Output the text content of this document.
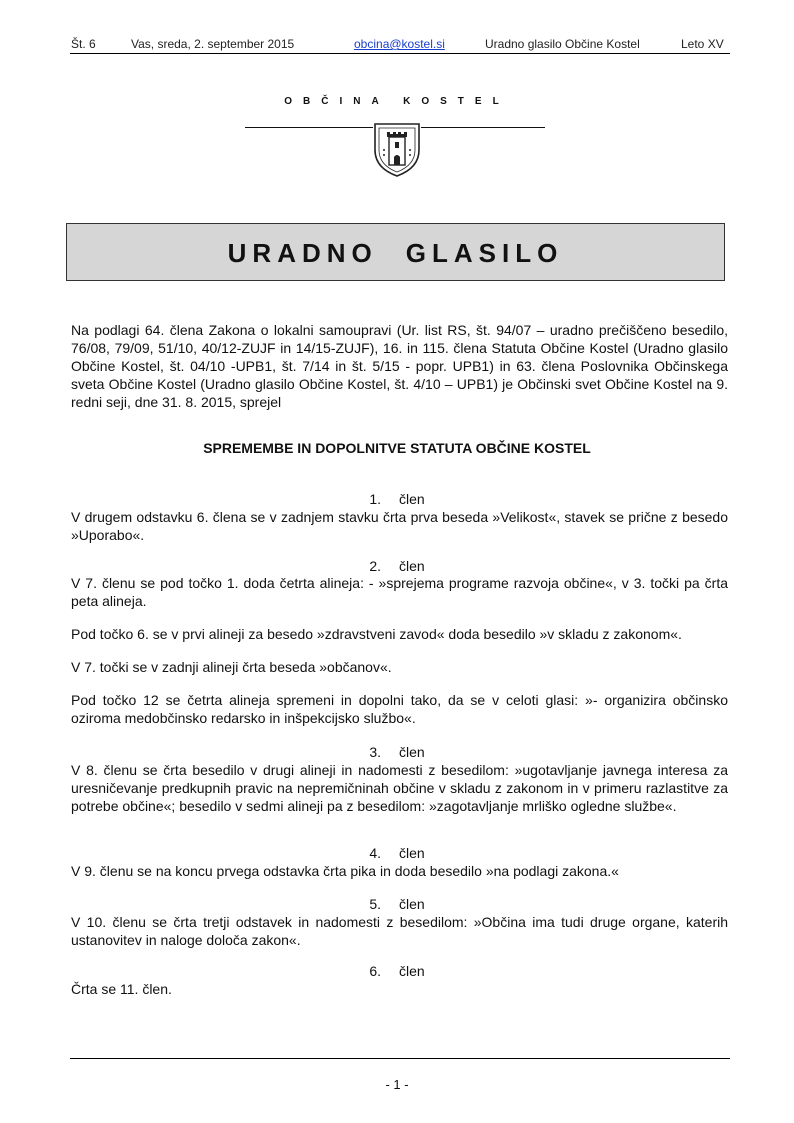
Št. 6	Vas, sreda, 2. september 2015	obcina@kostel.si	Uradno glasilo Občine Kostel	Leto XV
OBČINA KOSTEL
URADNO GLASILO
Na podlagi 64. člena Zakona o lokalni samoupravi (Ur. list RS, št. 94/07 – uradno prečiščeno besedilo, 76/08, 79/09, 51/10, 40/12-ZUJF in 14/15-ZUJF), 16. in 115. člena Statuta Občine Kostel (Uradno glasilo Občine Kostel, št. 04/10 -UPB1, št. 7/14 in št. 5/15 - popr. UPB1) in 63. člena Poslovnika Občinskega sveta Občine Kostel (Uradno glasilo Občine Kostel, št. 4/10 – UPB1) je Občinski svet Občine Kostel na 9. redni seji, dne 31. 8. 2015, sprejel
SPREMEMBE IN DOPOLNITVE STATUTA OBČINE KOSTEL
1. člen
V drugem odstavku 6. člena se v zadnjem stavku črta prva beseda »Velikost«, stavek se prične z besedo »Uporabo«.
2. člen
V 7. členu se pod točko 1. doda četrta alineja: - »sprejema programe razvoja občine«, v 3. točki pa črta peta alineja.
Pod točko 6. se v prvi alineji za besedo »zdravstveni zavod« doda besedilo »v skladu z zakonom«.
V 7. točki se v zadnji alineji črta beseda »občanov«.
Pod točko 12 se četrta alineja spremeni in dopolni tako, da se v celoti glasi: »- organizira občinsko oziroma medobčinsko redarsko in inšpekcijsko službo«.
3. člen
V 8. členu se črta besedilo v drugi alineji in nadomesti z besedilom: »ugotavljanje javnega interesa za uresničevanje predkupnih pravic na nepremičninah občine v skladu z zakonom in v primeru razlastitve za potrebe občine«; besedilo v sedmi alineji pa z besedilom: »zagotavljanje mrliško ogledne službe«.
4. člen
V 9. členu se na koncu prvega odstavka črta pika in doda besedilo »na podlagi zakona.«
5. člen
V 10. členu se črta tretji odstavek in nadomesti z besedilom: »Občina ima tudi druge organe, katerih ustanovitev in naloge določa zakon«.
6. člen
Črta se 11. člen.
- 1 -
